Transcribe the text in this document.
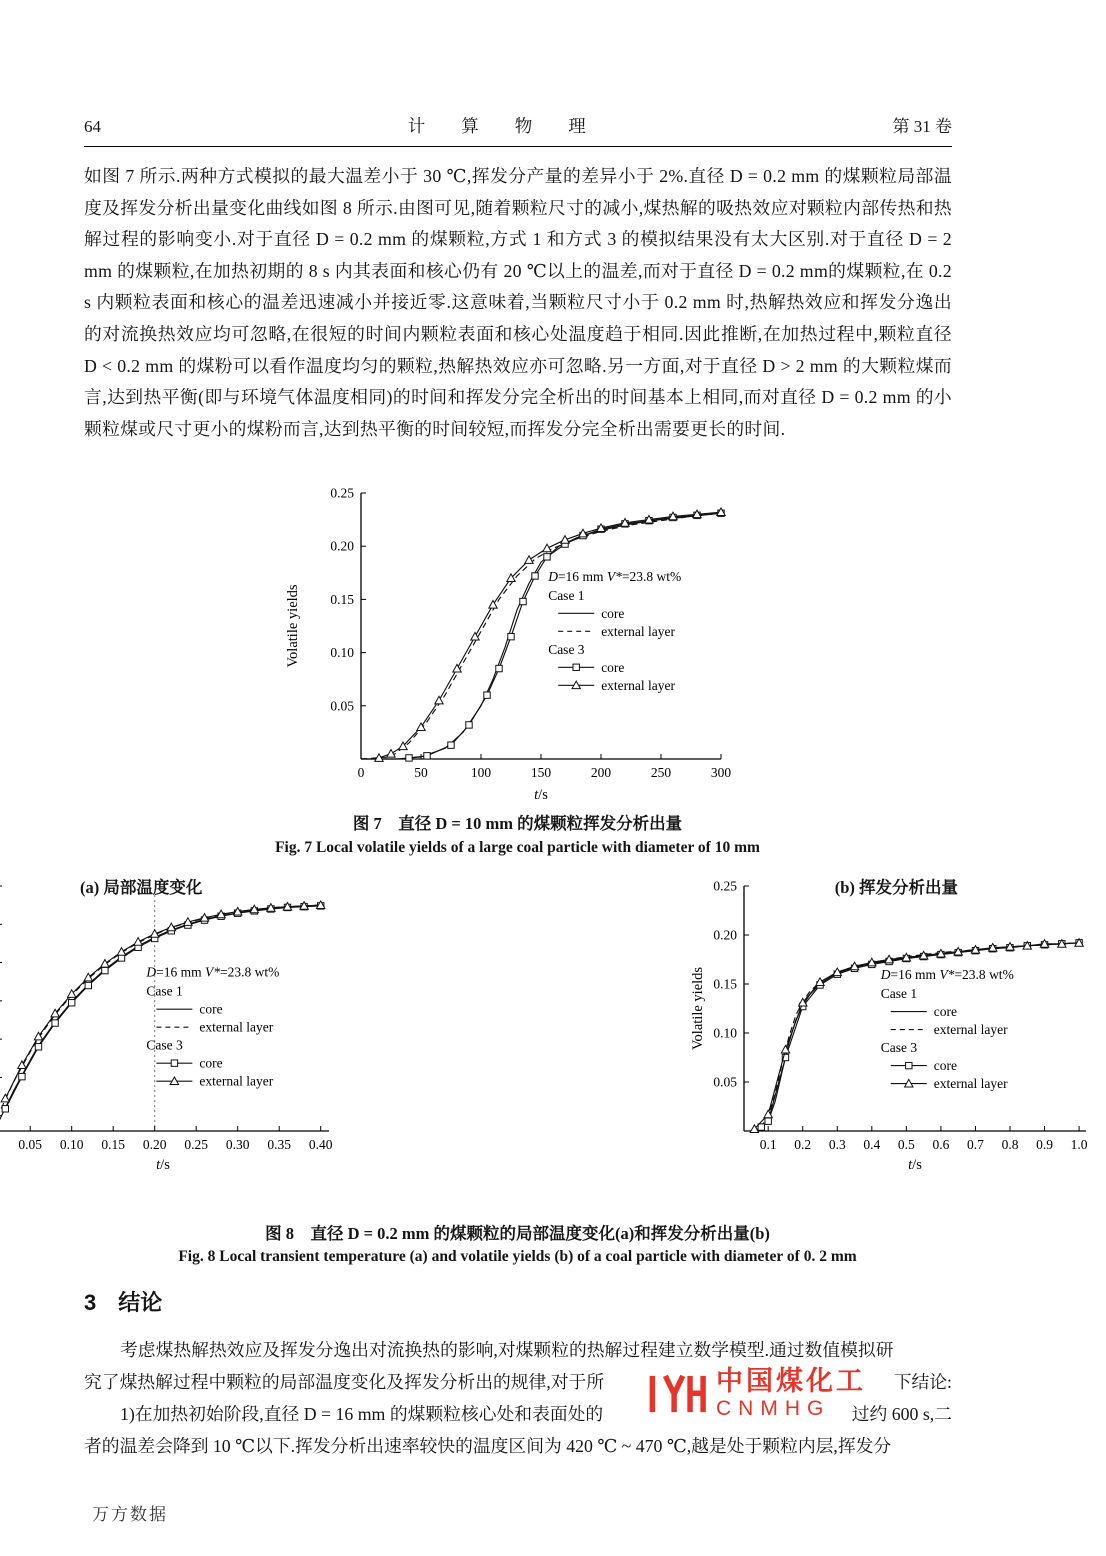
64	计算物理	第 31 卷

如图 7 所示.两种方式模拟的最大温差小于 30 ℃,挥发分产量的差异小于 2%.直径 D = 0.2 mm 的煤颗粒局部温度及挥发分析出量变化曲线如图 8 所示.由图可见,随着颗粒尺寸的减小,煤热解的吸热效应对颗粒内部传热和热解过程的影响变小.对于直径 D = 0.2 mm 的煤颗粒,方式 1 和方式 3 的模拟结果没有太大区别.对于直径 D = 2 mm 的煤颗粒,在加热初期的 8 s 内其表面和核心仍有 20 ℃以上的温差,而对于直径 D = 0.2 mm的煤颗粒,在 0.2 s 内颗粒表面和核心的温差迅速减小并接近零.这意味着,当颗粒尺寸小于 0.2 mm 时,热解热效应和挥发分逸出的对流换热效应均可忽略,在很短的时间内颗粒表面和核心处温度趋于相同.因此推断,在加热过程中,颗粒直径 D < 0.2 mm 的煤粉可以看作温度均匀的颗粒,热解热效应亦可忽略.另一方面,对于直径 D > 2 mm 的大颗粒煤而言,达到热平衡(即与环境气体温度相同)的时间和挥发分完全析出的时间基本上相同,而对直径 D = 0.2 mm 的小颗粒煤或尺寸更小的煤粉而言,达到热平衡的时间较短,而挥发分完全析出需要更长的时间.

0.05
0.10
0.15
0.20
0.25
0	50	100	150	200	250	300
t/s
Volatile yields
D=16 mm V*=23.8 wt%
Case 1
core
external layer
Case 3
core
external layer
图 7　直径 D = 10 mm 的煤颗粒挥发分析出量
Fig. 7 Local volatile yields of a large coal particle with diameter of 10 mm
0.05 0.10 0.15 0.20 0.25 0.30 0.35 0.40
t/s
D=16 mm V*=23.8 wt%
Case 1
core
external layer
Case 3
core
external layer
(a) 局部温度变化
0.05
0.10
0.15
0.20
0.25
0.1 0.2 0.3 0.4 0.5 0.6 0.7 0.8 0.9 1.0
t/s
Volatile yields	D=16 mm V*=23.8 wt%
Case 1
core
external layer
Case 3
core
external layer
(b) 挥发分析出量
图 8　直径 D = 0.2 mm 的煤颗粒的局部温度变化(a)和挥发分析出量(b)
Fig. 8 Local transient temperature (a) and volatile yields (b) of a coal particle with diameter of 0. 2 mm
3 结论
考虑煤热解热效应及挥发分逸出对流换热的影响,对煤颗粒的热解过程建立数学模型.通过数值模拟研
究了煤热解过程中颗粒的局部温度变化及挥发分析出的规律,对于所	下结论:
1)在加热初始阶段,直径 D = 16 mm 的煤颗粒核心处和表面处的	过约 600 s,二
者的温差会降到 10 ℃以下.挥发分析出速率较快的温度区间为 420 ℃ ~ 470 ℃,越是处于颗粒内层,挥发分
中国煤化工
CNMHG
万方数据
